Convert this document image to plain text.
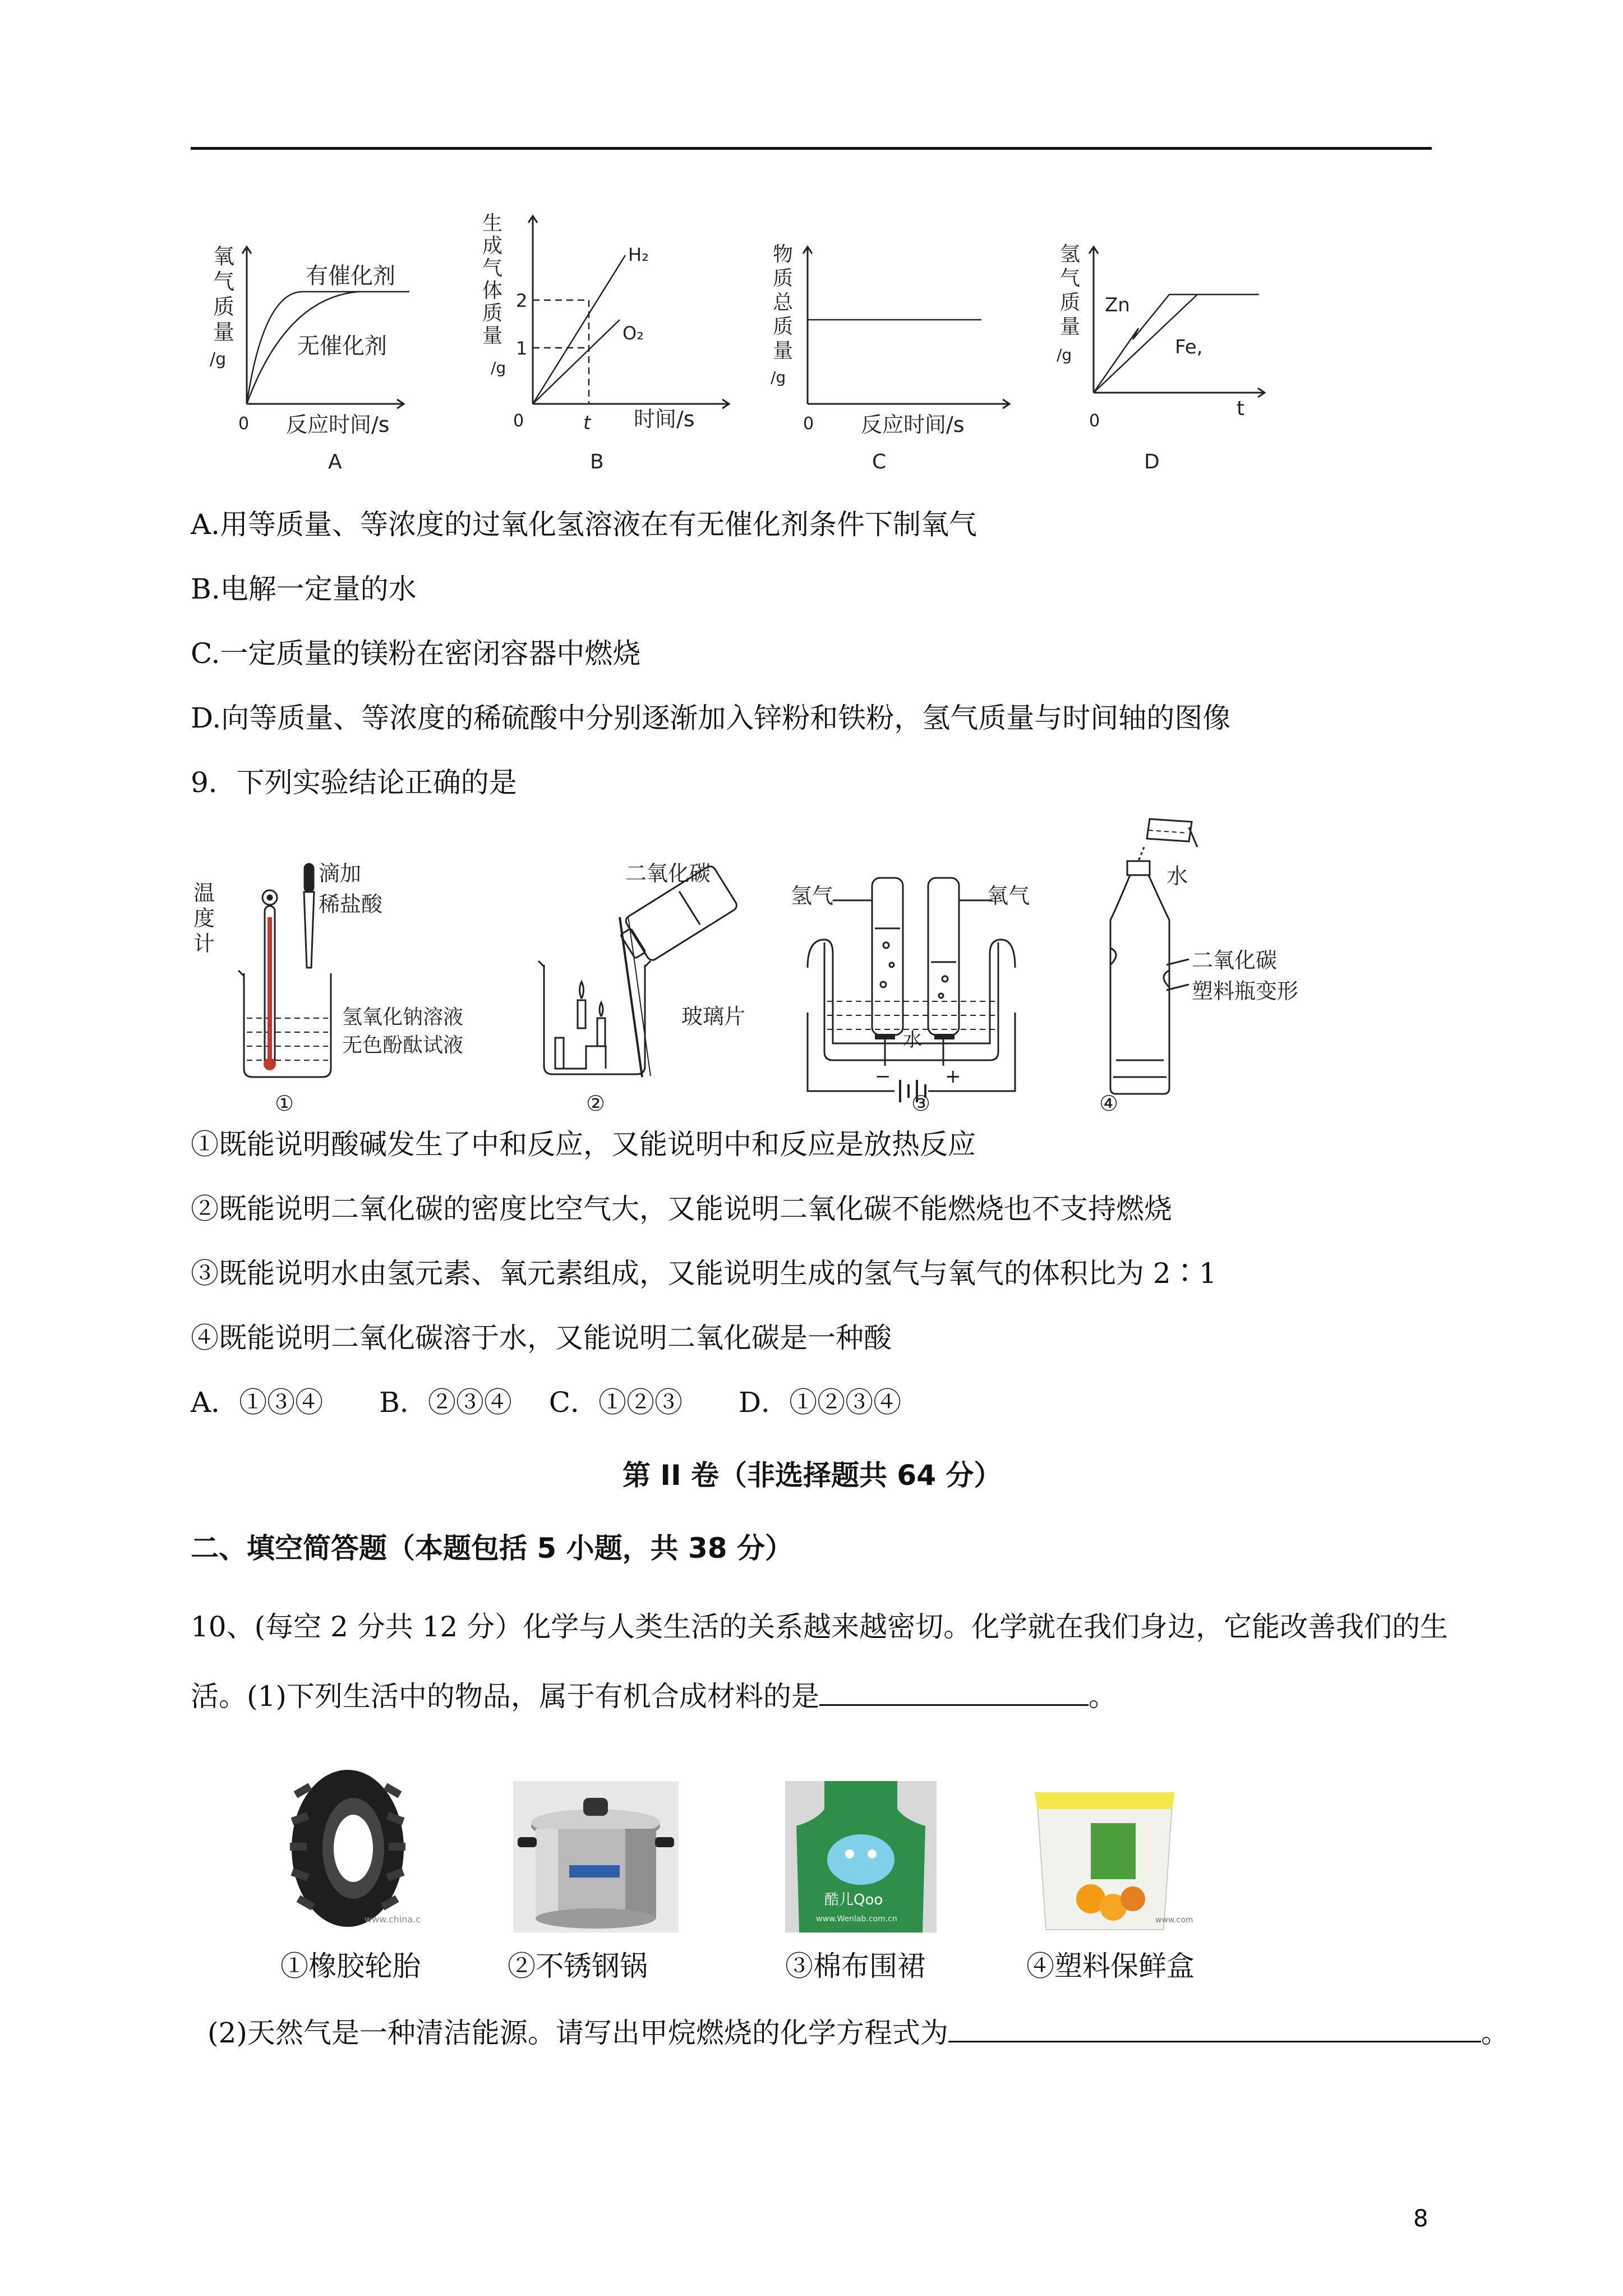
氧
气
质
量
/g
有催化剂
无催化剂
0 反应时间/s
A
生
成
气
体
质
量
/g
2
1
H₂
O₂
0	t 时间/s
B
物
质
总
质
量
/g
0 反应时间/s
C
氢
气
质
量
/g
Zn
Fe,
0
t
D
A.用等质量、等浓度的过氧化氢溶液在有无催化剂条件下制氧气
B.电解一定量的水
C.一定质量的镁粉在密闭容器中燃烧
D.向等质量、等浓度的稀硫酸中分别逐渐加入锌粉和铁粉，氢气质量与时间轴的图像
9．下列实验结论正确的是
温
度
计
滴加
稀盐酸
氢氧化钠溶液
无色酚酞试液
①
二氧化碳
玻璃片
②
氢气	氧气
水
−	+
③
水
二氧化碳
塑料瓶变形
④
①既能说明酸碱发生了中和反应，又能说明中和反应是放热反应
②既能说明二氧化碳的密度比空气大，又能说明二氧化碳不能燃烧也不支持燃烧
③既能说明水由氢元素、氧元素组成，又能说明生成的氢气与氧气的体积比为 2∶1
④既能说明二氧化碳溶于水，又能说明二氧化碳是一种酸
A．①③④　　B．②③④　 C．①②③　　D．①②③④
第 II 卷（非选择题共 64 分）
二、填空简答题（本题包括 5 小题，共 38 分）
10、(每空 2 分共 12 分）化学与人类生活的关系越来越密切。化学就在我们身边，它能改善我们的生
活。(1)下列生活中的物品，属于有机合成材料的是	。
www.china.c
酷儿Qoo
www.Wenlab.com.cn	www.com
①橡胶轮胎	②不锈钢锅	③棉布围裙	④塑料保鲜盒
(2)天然气是一种清洁能源。请写出甲烷燃烧的化学方程式为	。
8
